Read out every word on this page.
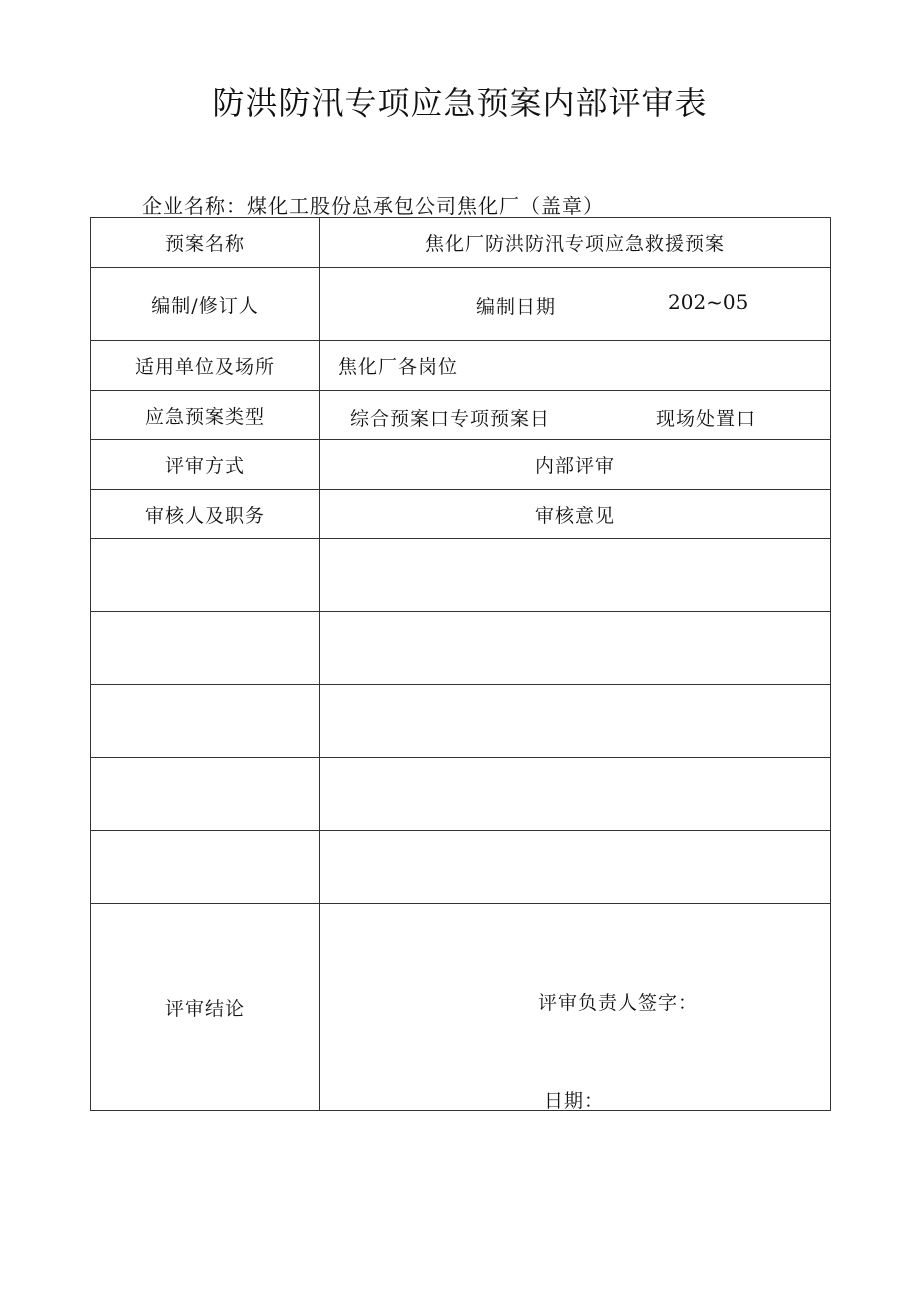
防洪防汛专项应急预案内部评审表
企业名称：煤化工股份总承包公司焦化厂（盖章）
预案名称	焦化厂防洪防汛专项应急救援预案
编制/修订人	编制日期 202~05

适用单位及场所	焦化厂各岗位
应急预案类型	综合预案口专项预案日 现场处置口

评审方式	内部评审
审核人及职务	审核意见

评审结论	评审负责人签字：
日期：
